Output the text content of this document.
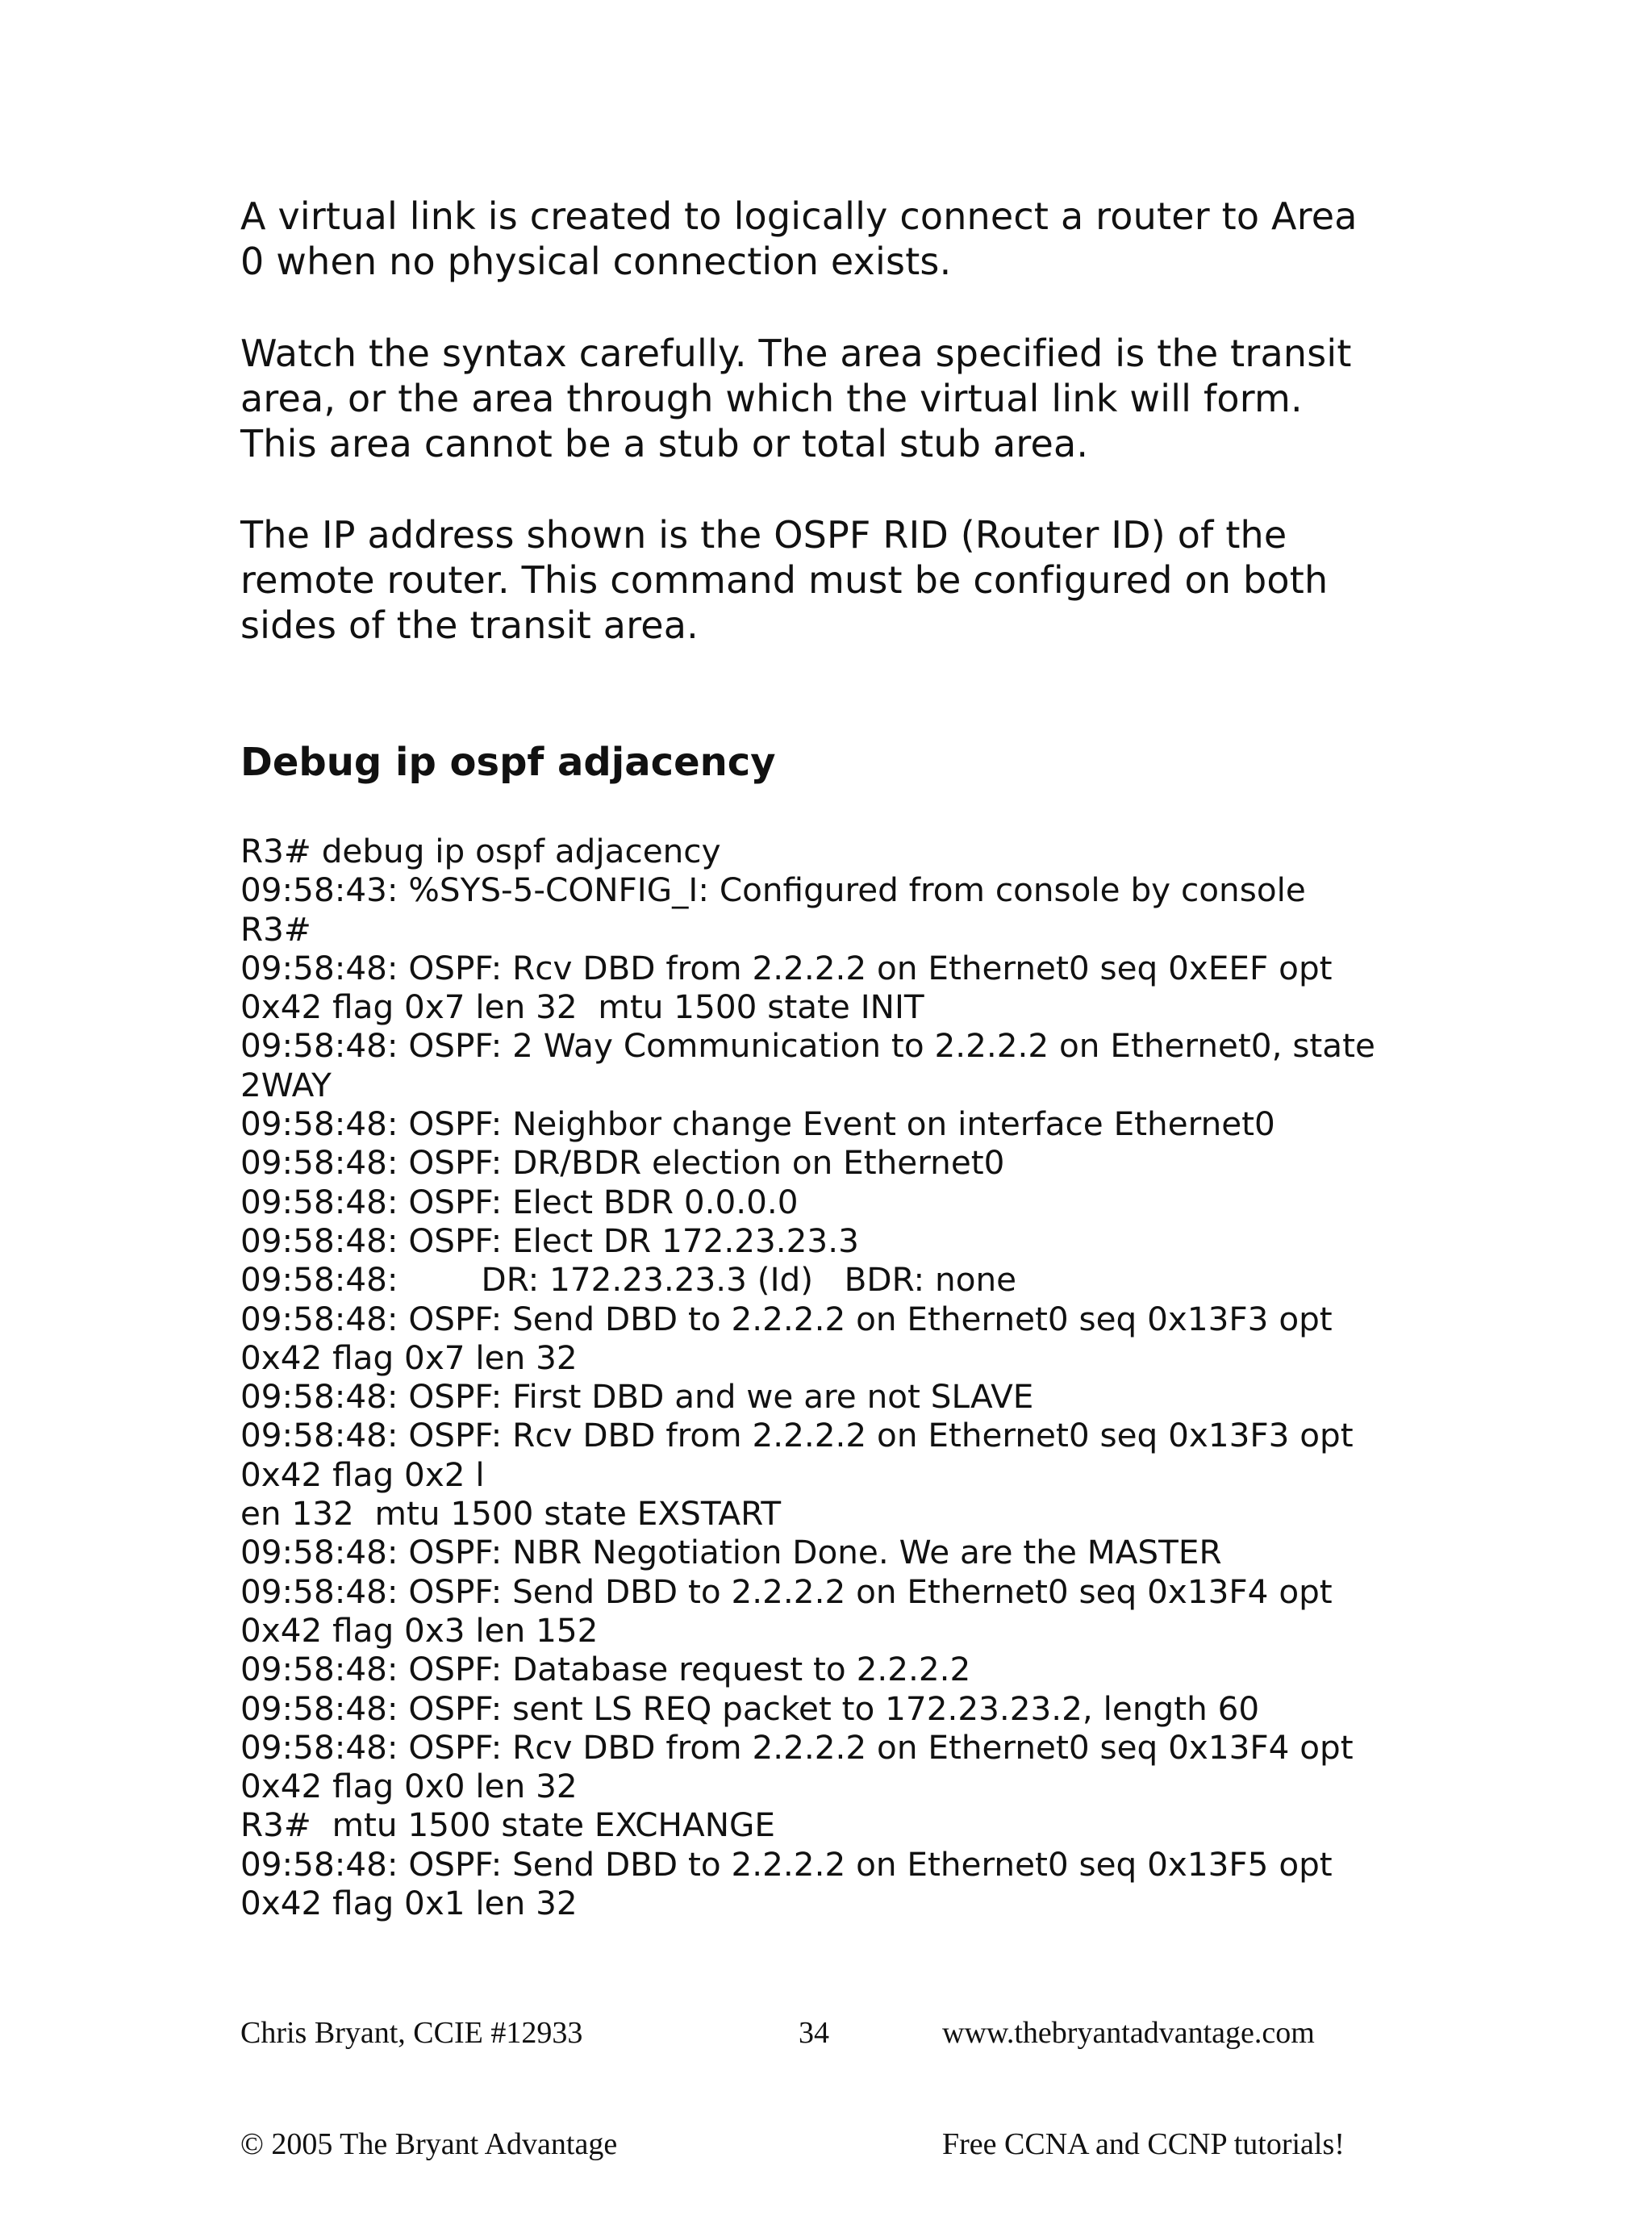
A virtual link is created to logically connect a router to Area
0 when no physical connection exists.

Watch the syntax carefully. The area specified is the transit
area, or the area through which the virtual link will form.
This area cannot be a stub or total stub area.

The IP address shown is the OSPF RID (Router ID) of the
remote router. This command must be configured on both
sides of the transit area.

Debug ip ospf adjacency
R3# debug ip ospf adjacency
09:58:43: %SYS-5-CONFIG_I: Configured from console by console
R3#
09:58:48: OSPF: Rcv DBD from 2.2.2.2 on Ethernet0 seq 0xEEF opt
0x42 flag 0x7 len 32  mtu 1500 state INIT
09:58:48: OSPF: 2 Way Communication to 2.2.2.2 on Ethernet0, state
2WAY
09:58:48: OSPF: Neighbor change Event on interface Ethernet0
09:58:48: OSPF: DR/BDR election on Ethernet0
09:58:48: OSPF: Elect BDR 0.0.0.0
09:58:48: OSPF: Elect DR 172.23.23.3
09:58:48:        DR: 172.23.23.3 (Id)   BDR: none
09:58:48: OSPF: Send DBD to 2.2.2.2 on Ethernet0 seq 0x13F3 opt
0x42 flag 0x7 len 32
09:58:48: OSPF: First DBD and we are not SLAVE
09:58:48: OSPF: Rcv DBD from 2.2.2.2 on Ethernet0 seq 0x13F3 opt
0x42 flag 0x2 l
en 132  mtu 1500 state EXSTART
09:58:48: OSPF: NBR Negotiation Done. We are the MASTER
09:58:48: OSPF: Send DBD to 2.2.2.2 on Ethernet0 seq 0x13F4 opt
0x42 flag 0x3 len 152
09:58:48: OSPF: Database request to 2.2.2.2
09:58:48: OSPF: sent LS REQ packet to 172.23.23.2, length 60
09:58:48: OSPF: Rcv DBD from 2.2.2.2 on Ethernet0 seq 0x13F4 opt
0x42 flag 0x0 len 32
R3#  mtu 1500 state EXCHANGE
09:58:48: OSPF: Send DBD to 2.2.2.2 on Ethernet0 seq 0x13F5 opt
0x42 flag 0x1 len 32

Chris Bryant, CCIE #12933

© 2005 The Bryant Advantage

34

	www.thebryantadvantage.com

Free CCNA and CCNP tutorials!
